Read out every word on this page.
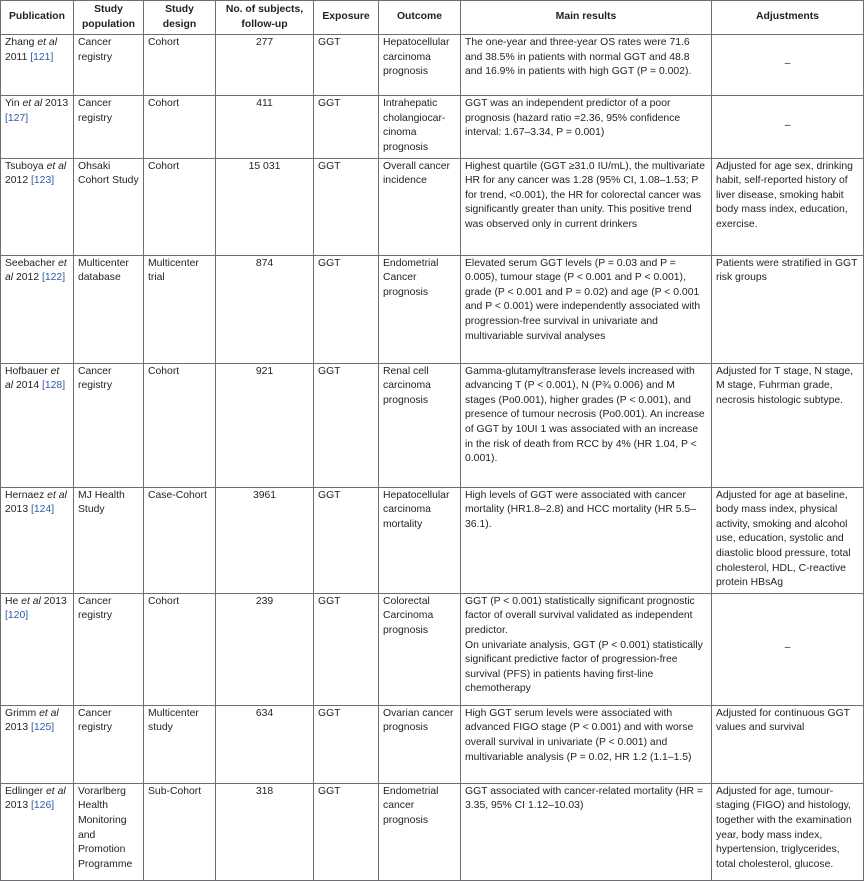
Publication	Study population	Study design	No. of subjects, follow-up	Exposure	Outcome	Main results	Adjustments
Zhang et al 2011 [121]	Cancer registry	Cohort	277	GGT	Hepatocellular carcinoma prognosis	The one-year and three-year OS rates were 71.6 and 38.5% in patients with normal GGT and 48.8 and 16.9% in patients with high GGT (P = 0.002).	–
Yin et al 2013 [127]	Cancer registry	Cohort	411	GGT	Intrahepatic cholangiocarcinoma prognosis	GGT was an independent predictor of a poor prognosis (hazard ratio =2.36, 95% confidence interval: 1.67–3.34, P = 0.001)	–
Tsuboya et al 2012 [123]	Ohsaki Cohort Study	Cohort	15 031	GGT	Overall cancer incidence	Highest quartile (GGT ≥31.0 IU/mL), the multivariate HR for any cancer was 1.28 (95% CI, 1.08–1.53; P for trend, <0.001), the HR for colorectal cancer was significantly greater than unity. This positive trend was observed only in current drinkers	Adjusted for age sex, drinking habit, self-reported history of liver disease, smoking habit body mass index, education, exercise.
Seebacher et al 2012 [122]	Multicenter database	Multicenter trial	874	GGT	Endometrial Cancer prognosis	Elevated serum GGT levels (P = 0.03 and P = 0.005), tumour stage (P < 0.001 and P < 0.001), grade (P < 0.001 and P = 0.02) and age (P < 0.001 and P < 0.001) were independently associated with progression-free survival in univariate and multivariable survival analyses	Patients were stratified in GGT risk groups
Hofbauer et al 2014 [128]	Cancer registry	Cohort	921	GGT	Renal cell carcinoma prognosis	Gamma-glutamyltransferase levels increased with advancing T (P < 0.001), N (P¾ 0.006) and M stages (Po0.001), higher grades (P < 0.001), and presence of tumour necrosis (Po0.001). An increase of GGT by 10UI 1 was associated with an increase in the risk of death from RCC by 4% (HR 1.04, P < 0.001).	Adjusted for T stage, N stage, M stage, Fuhrman grade, necrosis histologic subtype.
Hernaez et al 2013 [124]	MJ Health Study	Case-Cohort	3961	GGT	Hepatocellular carcinoma mortality	High levels of GGT were associated with cancer mortality (HR1.8–2.8) and HCC mortality (HR 5.5–36.1).	Adjusted for age at baseline, body mass index, physical activity, smoking and alcohol use, education, systolic and diastolic blood pressure, total cholesterol, HDL, C-reactive protein HBsAg
He et al 2013 [120]	Cancer registry	Cohort	239	GGT	Colorectal Carcinoma prognosis	GGT (P < 0.001) statistically significant prognostic factor of overall survival validated as independent predictor.
On univariate analysis, GGT (P < 0.001) statistically significant predictive factor of progression-free survival (PFS) in patients having first-line chemotherapy	–
Grimm et al 2013 [125]	Cancer registry	Multicenter study	634	GGT	Ovarian cancer prognosis	High GGT serum levels were associated with advanced FIGO stage (P < 0.001) and with worse overall survival in univariate (P < 0.001) and multivariable analysis (P = 0.02, HR 1.2 (1.1–1.5)	Adjusted for continuous GGT values and survival
Edlinger et al 2013 [126]	Vorarlberg Health Monitoring and Promotion Programme	Sub-Cohort	318	GGT	Endometrial cancer prognosis	GGT associated with cancer-related mortality (HR = 3.35, 95% CI 1.12–10.03)	Adjusted for age, tumour-staging (FIGO) and histology, together with the examination year, body mass index, hypertension, triglycerides, total cholesterol, glucose.
